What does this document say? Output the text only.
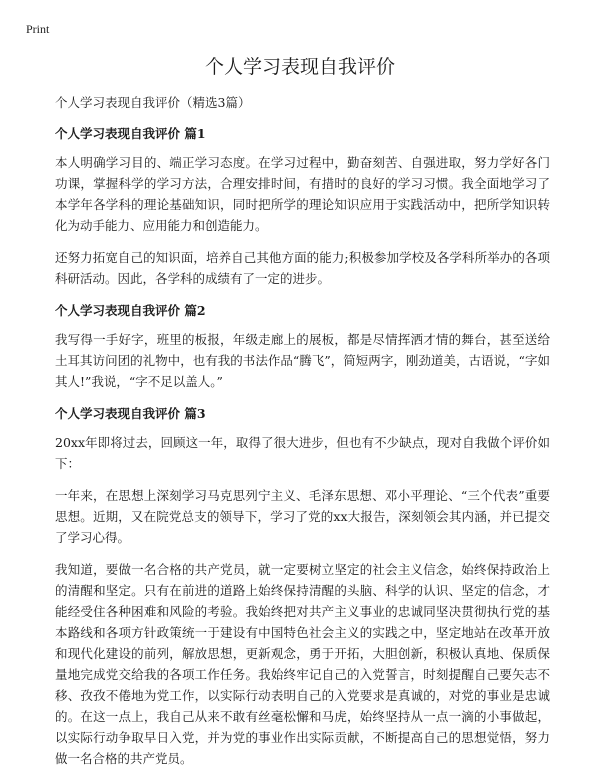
Print
个人学习表现自我评价

个人学习表现自我评价（精选3篇）

个人学习表现自我评价 篇1

本人明确学习目的、端正学习态度。在学习过程中，勤奋刻苦、自强进取，努力学好各门功课，掌握科学的学习方法，合理安排时间，有措时的良好的学习习惯。我全面地学习了本学年各学科的理论基础知识，同时把所学的理论知识应用于实践活动中，把所学知识转化为动手能力、应用能力和创造能力。

还努力拓宽自己的知识面，培养自己其他方面的能力;积极参加学校及各学科所举办的各项科研活动。因此，各学科的成绩有了一定的进步。

个人学习表现自我评价 篇2

我写得一手好字，班里的板报，年级走廊上的展板，都是尽情挥洒才情的舞台，甚至送给土耳其访问团的礼物中，也有我的书法作品“腾飞”，简短两字，刚劲道美，古语说，“字如其人!”我说，“字不足以盖人。”

个人学习表现自我评价 篇3

20xx年即将过去，回顾这一年，取得了很大进步，但也有不少缺点，现对自我做个评价如下：

一年来，在思想上深刻学习马克思列宁主义、毛泽东思想、邓小平理论、“三个代表”重要思想。近期，又在院党总支的领导下，学习了党的xx大报告，深刻领会其内涵，并已提交了学习心得。

我知道，要做一名合格的共产党员，就一定要树立坚定的社会主义信念，始终保持政治上的清醒和坚定。只有在前进的道路上始终保持清醒的头脑、科学的认识、坚定的信念，才能经受住各种困难和风险的考验。我始终把对共产主义事业的忠诚同坚决贯彻执行党的基本路线和各项方针政策统一于建设有中国特色社会主义的实践之中，坚定地站在改革开放和现代化建设的前列，解放思想，更新观念，勇于开拓，大胆创新，积极认真地、保质保量地完成党交给我的各项工作任务。我始终牢记自己的入党誓言，时刻提醒自己要矢志不移、孜孜不倦地为党工作，以实际行动表明自己的入党要求是真诚的，对党的事业是忠诚的。在这一点上，我自己从来不敢有丝毫松懈和马虎，始终坚持从一点一滴的小事做起，以实际行动争取早日入党，并为党的事业作出实际贡献，不断提高自己的思想觉悟，努力做一名合格的共产党员。
